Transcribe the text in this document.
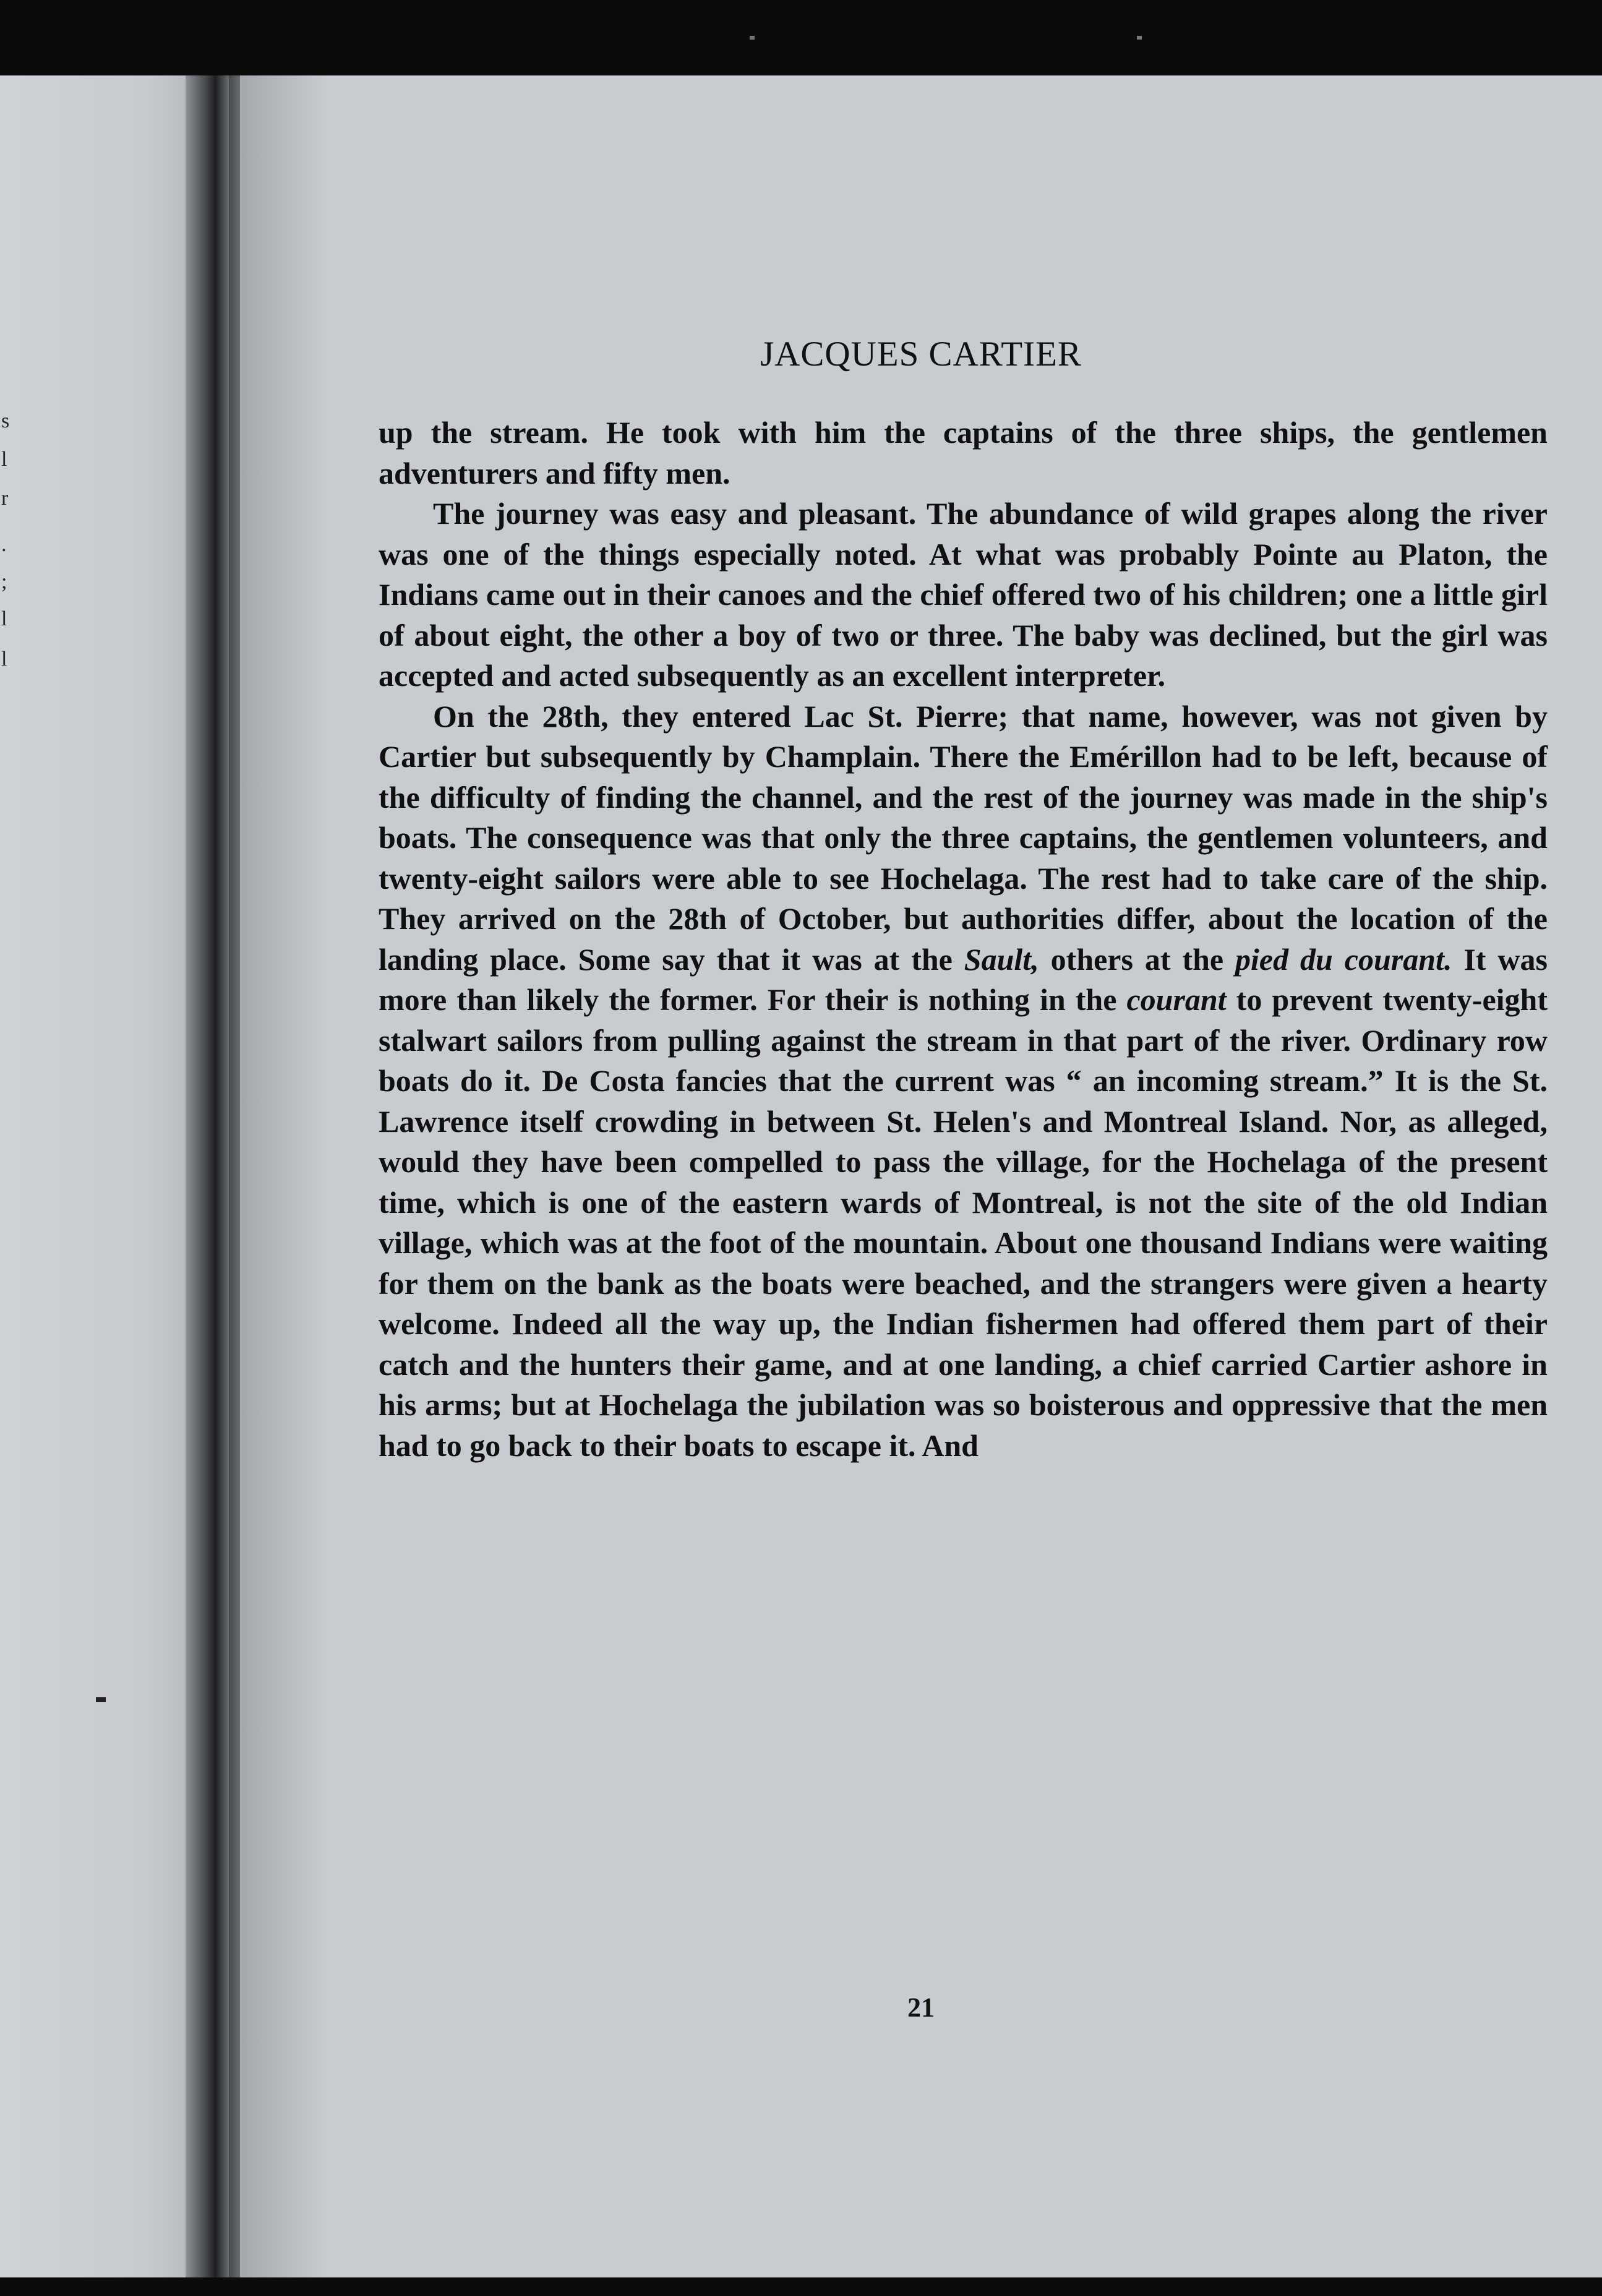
s
l
r
.
;
l
l
JACQUES CARTIER

up the stream. He took with him the captains of the three ships, the gentlemen adventurers and fifty men.

The journey was easy and pleasant. The abundance of wild grapes along the river was one of the things especially noted. At what was probably Pointe au Platon, the Indians came out in their canoes and the chief offered two of his children; one a little girl of about eight, the other a boy of two or three. The baby was declined, but the girl was accepted and acted subsequently as an excellent interpreter.

On the 28th, they entered Lac St. Pierre; that name, however, was not given by Cartier but subsequently by Champlain. There the Emérillon had to be left, because of the difficulty of finding the channel, and the rest of the journey was made in the ship's boats. The consequence was that only the three captains, the gentlemen volunteers, and twenty-eight sailors were able to see Hochelaga. The rest had to take care of the ship. They arrived on the 28th of October, but authorities differ, about the location of the landing place. Some say that it was at the Sault, others at the pied du courant. It was more than likely the former. For their is nothing in the courant to prevent twenty-eight stalwart sailors from pulling against the stream in that part of the river. Ordinary row boats do it. De Costa fancies that the current was “ an incoming stream.” It is the St. Lawrence itself crowding in between St. Helen's and Montreal Island. Nor, as alleged, would they have been compelled to pass the village, for the Hochelaga of the present time, which is one of the eastern wards of Montreal, is not the site of the old Indian village, which was at the foot of the mountain. About one thousand Indians were waiting for them on the bank as the boats were beached, and the strangers were given a hearty welcome. Indeed all the way up, the Indian fishermen had offered them part of their catch and the hunters their game, and at one landing, a chief carried Cartier ashore in his arms; but at Hochelaga the jubilation was so boisterous and oppressive that the men had to go back to their boats to escape it. And

21
